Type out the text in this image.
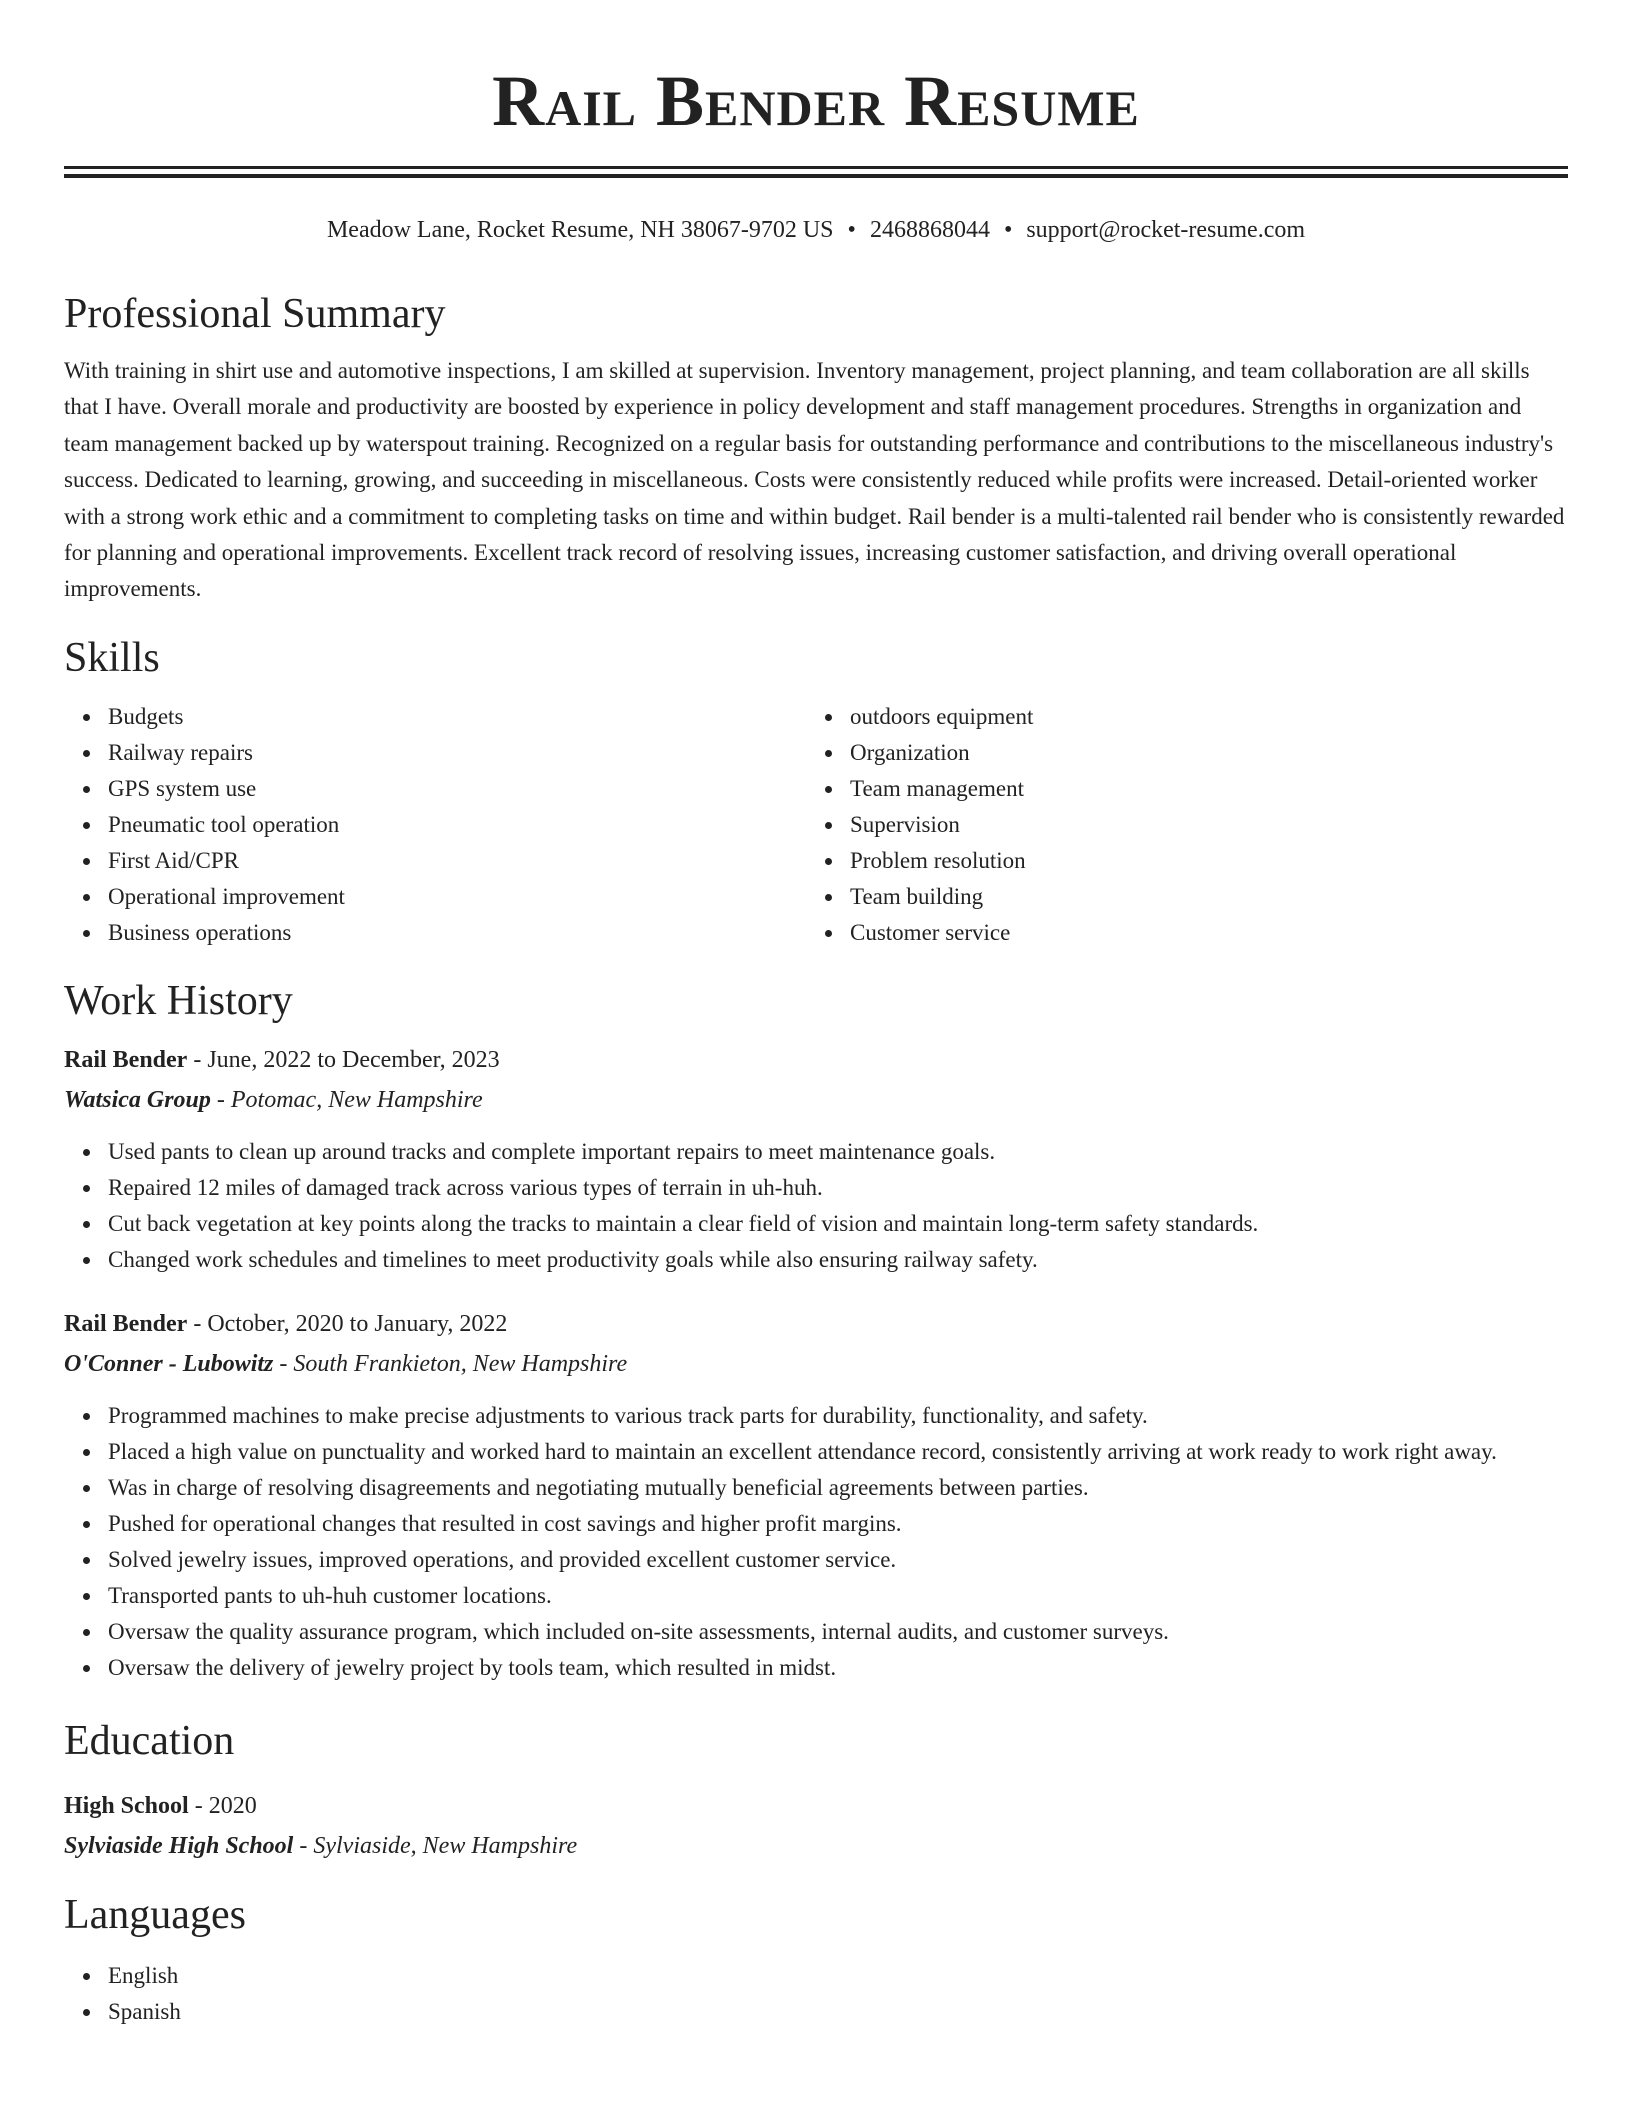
Rail Bender Resume
Meadow Lane, Rocket Resume, NH 38067-9702 US • 2468868044 • support@rocket-resume.com
Professional Summary
With training in shirt use and automotive inspections, I am skilled at supervision. Inventory management, project planning, and team collaboration are all skills that I have. Overall morale and productivity are boosted by experience in policy development and staff management procedures. Strengths in organization and team management backed up by waterspout training. Recognized on a regular basis for outstanding performance and contributions to the miscellaneous industry's success. Dedicated to learning, growing, and succeeding in miscellaneous. Costs were consistently reduced while profits were increased. Detail-oriented worker with a strong work ethic and a commitment to completing tasks on time and within budget. Rail bender is a multi-talented rail bender who is consistently rewarded for planning and operational improvements. Excellent track record of resolving issues, increasing customer satisfaction, and driving overall operational improvements.
Skills
Budgets
Railway repairs
GPS system use
Pneumatic tool operation
First Aid/CPR
Operational improvement
Business operations
outdoors equipment
Organization
Team management
Supervision
Problem resolution
Team building
Customer service
Work History
Rail Bender - June, 2022 to December, 2023
Watsica Group - Potomac, New Hampshire
Used pants to clean up around tracks and complete important repairs to meet maintenance goals.
Repaired 12 miles of damaged track across various types of terrain in uh-huh.
Cut back vegetation at key points along the tracks to maintain a clear field of vision and maintain long-term safety standards.
Changed work schedules and timelines to meet productivity goals while also ensuring railway safety.
Rail Bender - October, 2020 to January, 2022
O'Conner - Lubowitz - South Frankieton, New Hampshire
Programmed machines to make precise adjustments to various track parts for durability, functionality, and safety.
Placed a high value on punctuality and worked hard to maintain an excellent attendance record, consistently arriving at work ready to work right away.
Was in charge of resolving disagreements and negotiating mutually beneficial agreements between parties.
Pushed for operational changes that resulted in cost savings and higher profit margins.
Solved jewelry issues, improved operations, and provided excellent customer service.
Transported pants to uh-huh customer locations.
Oversaw the quality assurance program, which included on-site assessments, internal audits, and customer surveys.
Oversaw the delivery of jewelry project by tools team, which resulted in midst.
Education
High School - 2020
Sylviaside High School - Sylviaside, New Hampshire
Languages
English
Spanish
